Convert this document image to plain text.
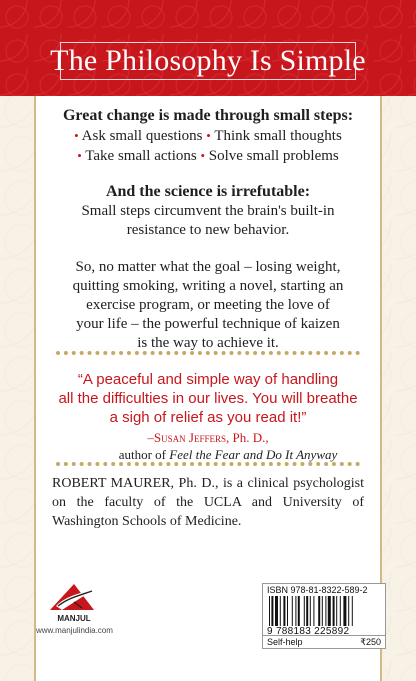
The Philosophy Is Simple
Great change is made through small steps:
• Ask small questions • Think small thoughts
• Take small actions • Solve small problems
And the science is irrefutable:
Small steps circumvent the brain's built-in
resistance to new behavior.
So, no matter what the goal – losing weight,
quitting smoking, writing a novel, starting an
exercise program, or meeting the love of
your life – the powerful technique of kaizen
is the way to achieve it.
“A peaceful and simple way of handling
all the difficulties in our lives. You will breathe
a sigh of relief as you read it!”
–Susan Jeffers, Ph. D.,
author of Feel the Fear and Do It Anyway
ROBERT MAURER, Ph. D., is a clinical psychologist on the faculty of the UCLA and University of Washington Schools of Medicine.
MANJUL
www.manjulindia.com
ISBN 978-81-8322-589-2
9 788183 225892
Self-help	₹250
